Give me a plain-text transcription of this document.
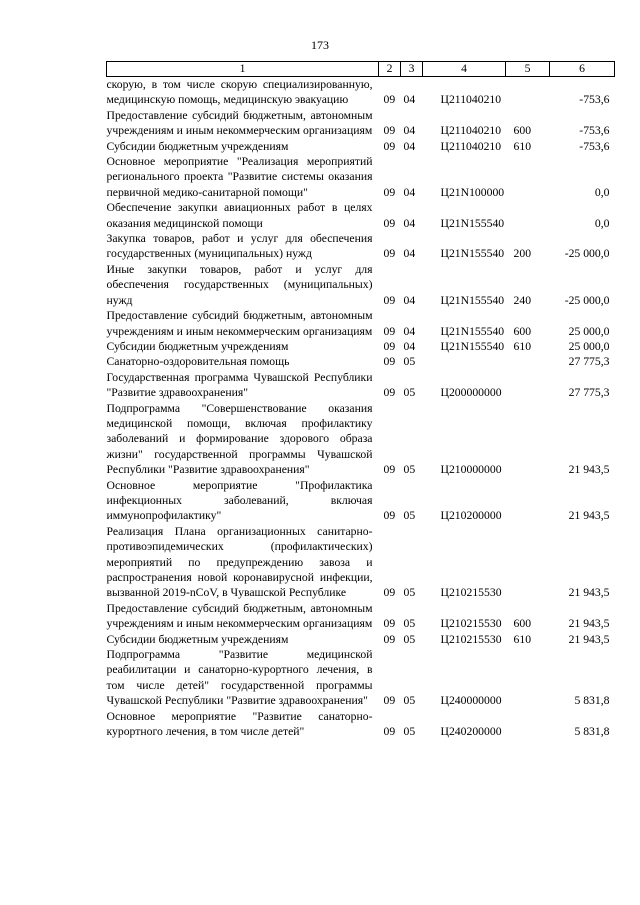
173
1	2	3	4	5	6
скорую, в том числе скорую специализированную, медицинскую помощь, медицинскую эвакуацию	09	04	Ц211040210		-753,6
Предоставление субсидий бюджетным, автономным учреждениям и иным некоммерческим организациям	09	04	Ц211040210	600	-753,6
Субсидии бюджетным учреждениям	09	04	Ц211040210	610	-753,6
Основное мероприятие "Реализация мероприятий регионального проекта "Развитие системы оказания первичной медико-санитарной помощи"	09	04	Ц21N100000		0,0
Обеспечение закупки авиационных работ в целях оказания медицинской помощи	09	04	Ц21N155540		0,0
Закупка товаров, работ и услуг для обеспечения государственных (муниципальных) нужд	09	04	Ц21N155540	200	-25 000,0
Иные закупки товаров, работ и услуг для обеспечения государственных (муниципальных) нужд	09	04	Ц21N155540	240	-25 000,0
Предоставление субсидий бюджетным, автономным учреждениям и иным некоммерческим организациям	09	04	Ц21N155540	600	25 000,0
Субсидии бюджетным учреждениям	09	04	Ц21N155540	610	25 000,0
Санаторно-оздоровительная помощь	09	05			27 775,3
Государственная программа Чувашской Республики "Развитие здравоохранения"	09	05	Ц200000000		27 775,3
Подпрограмма "Совершенствование оказания медицинской помощи, включая профилактику заболеваний и формирование здорового образа жизни" государственной программы Чувашской Республики "Развитие здравоохранения"	09	05	Ц210000000		21 943,5
Основное мероприятие "Профилактика инфекционных заболеваний, включая иммунопрофилактику"	09	05	Ц210200000		21 943,5
Реализация Плана организационных санитарно-противоэпидемических (профилактических) мероприятий по предупреждению завоза и распространения новой коронавирусной инфекции, вызванной 2019-nCoV, в Чувашской Республике	09	05	Ц210215530		21 943,5
Предоставление субсидий бюджетным, автономным учреждениям и иным некоммерческим организациям	09	05	Ц210215530	600	21 943,5
Субсидии бюджетным учреждениям	09	05	Ц210215530	610	21 943,5
Подпрограмма "Развитие медицинской реабилитации и санаторно-курортного лечения, в том числе детей" государственной программы Чувашской Республики "Развитие здравоохранения"	09	05	Ц240000000		5 831,8
Основное мероприятие "Развитие санаторно-курортного лечения, в том числе детей"	09	05	Ц240200000		5 831,8
